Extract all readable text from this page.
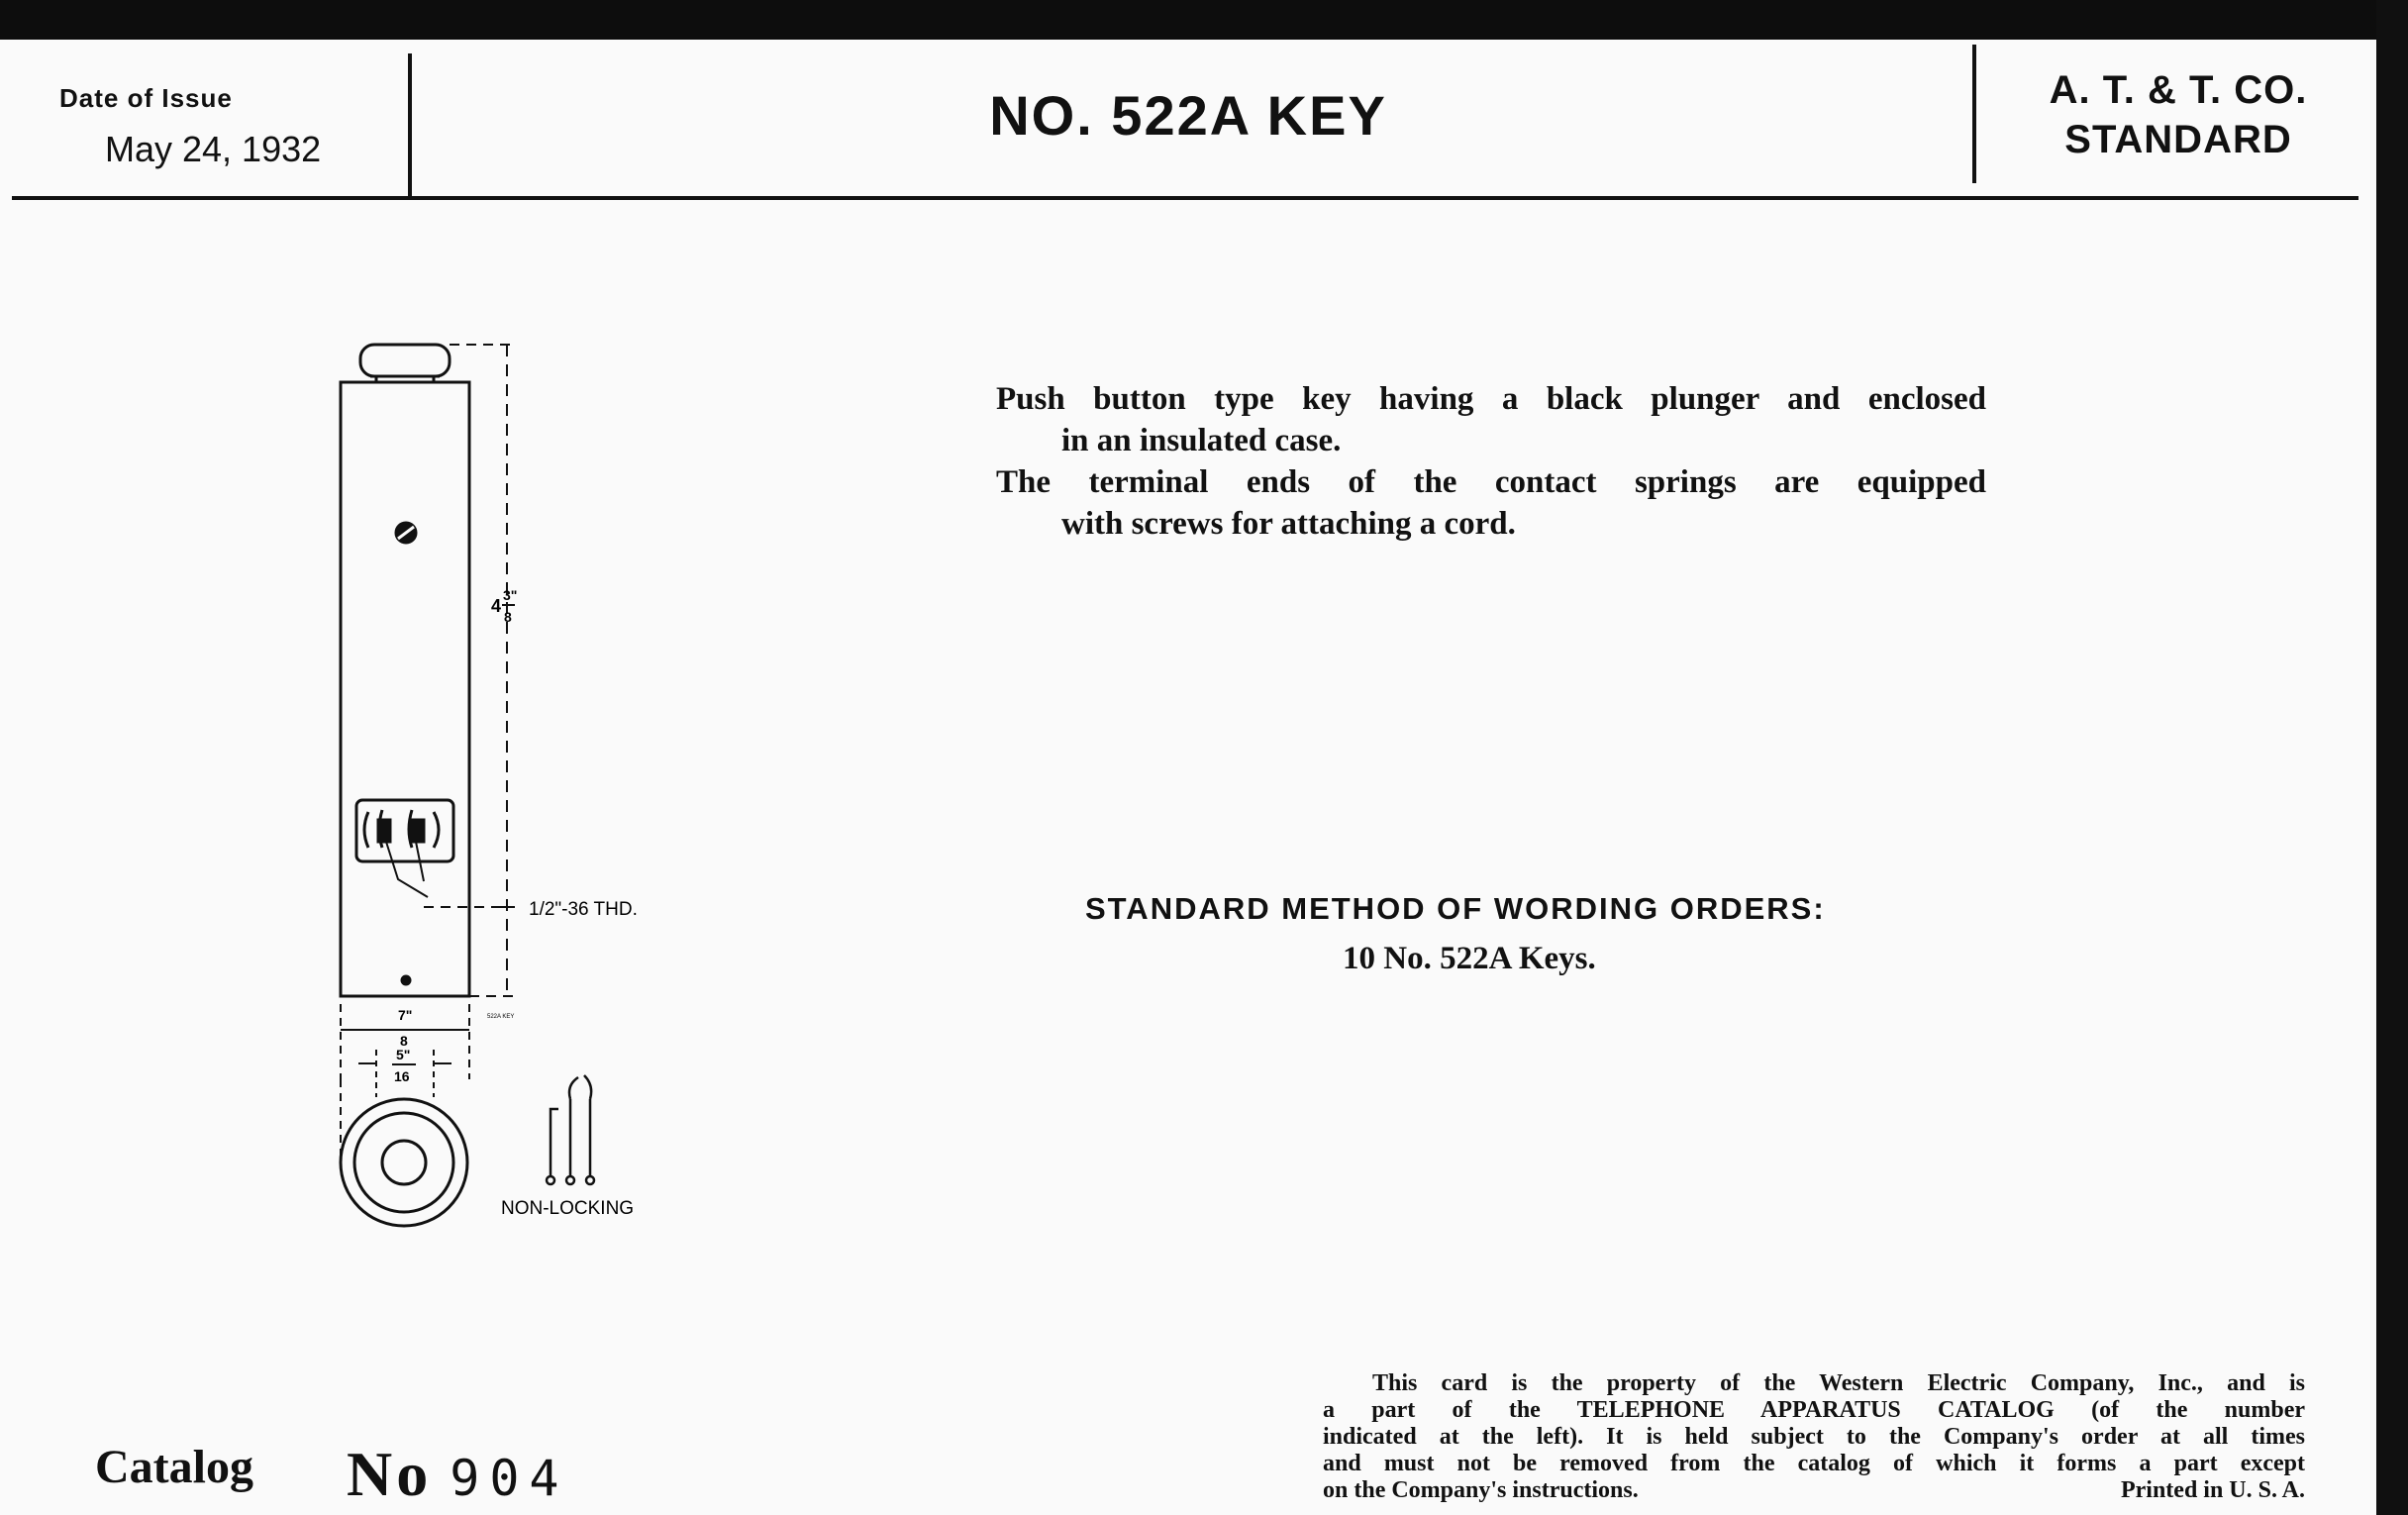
Date of Issue
May 24, 1932
NO. 522A KEY	A. T. & T. CO.
STANDARD
4
3"
8
1/2"-36 THD.
522A KEY
7"
8
5"
16
NON-LOCKING

Push button type key having a black plunger and enclosed

in an insulated case.

The terminal ends of the contact springs are equipped

with screws for attaching a cord.

STANDARD METHOD OF WORDING ORDERS:
10 No. 522A Keys.
Catalog No 904

This card is the property of the Western Electric Company, Inc., and is

a part of the TELEPHONE APPARATUS CATALOG (of the number

indicated at the left). It is held subject to the Company's order at all times

and must not be removed from the catalog of which it forms a part except

on the Company's instructions.	Printed in U. S. A.
